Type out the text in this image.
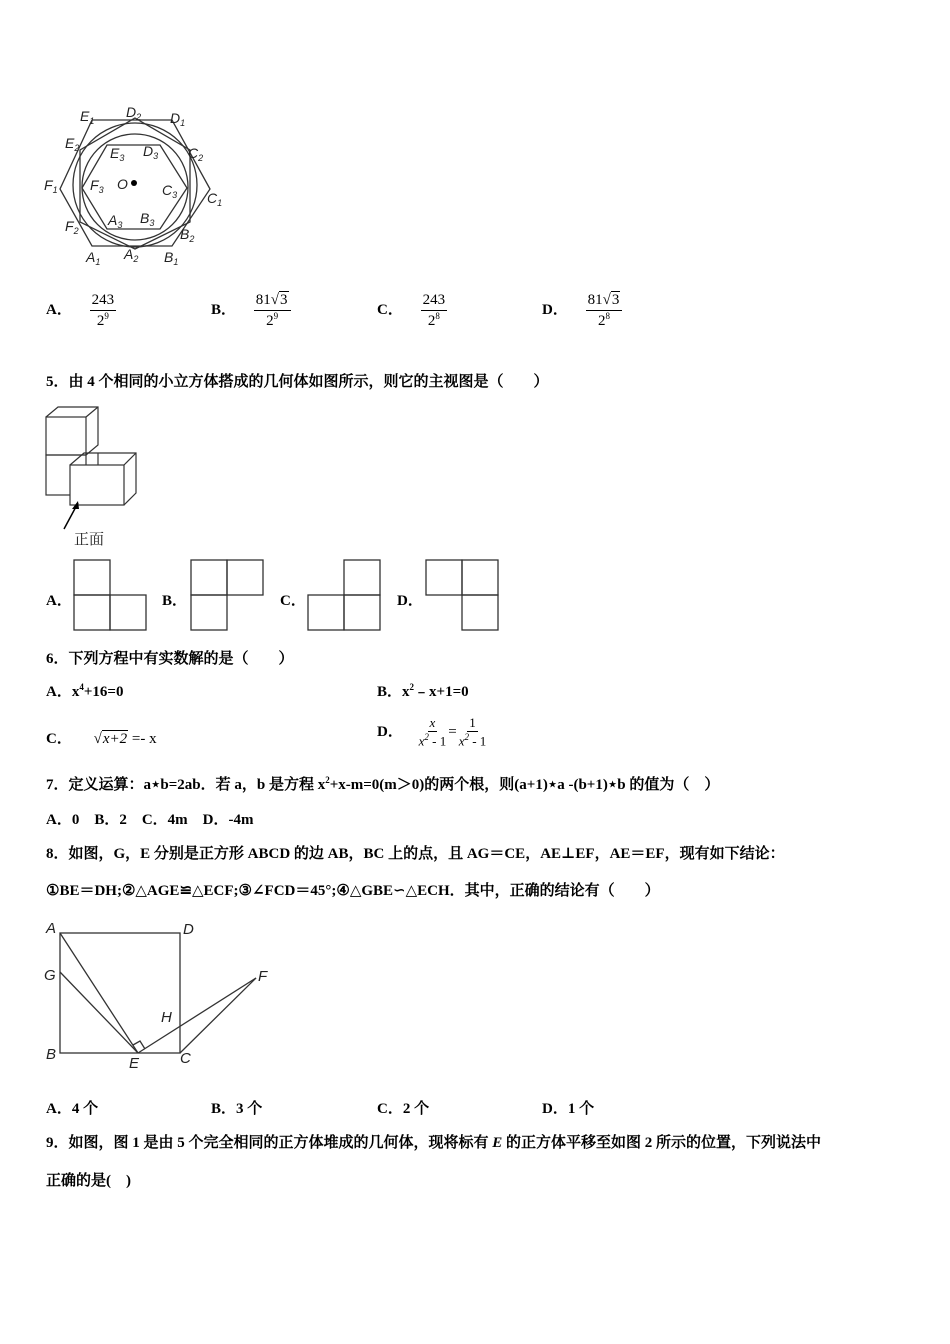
$E_1$
$D_2$ $D_1$
$E_2$ $E_3$ $D_3$ $C_2$
$F_1$ $F_3$ O $C_3$ $C_1$
$F_2$
$A_3$ $B_3$
$B_2$
$A_1$ $A_2$ $B_1$
A． $\frac{243}{2^9}$	B． $\frac{81√3}{2^9}$	C． $\frac{243}{2^8}$	D． $\frac{81√3}{2^8}$
5．由 4 个相同的小立方体搭成的几何体如图所示，则它的主视图是（　　）
正面
A．	B．	C．	D．
6．下列方程中有实数解的是（　　）
A．$x^4+16=0$	B．$x^2﹣x+1=0$
C． √x+2 =- x	D． $\frac{x}{x^2 - 1} = \frac{1}{x^2 - 1}$
7．定义运算：a⋆b=2ab．若 a，b 是方程 $x^2+x-m=0(m>0)$的两个根，则(a+1)⋆a -(b+1)⋆b 的值为（　）
A．0　B．2　C．4m　D．-4m
8．如图，G，E 分别是正方形 ABCD 的边 AB，BC 上的点，且 AG＝CE，AE⊥EF，AE＝EF，现有如下结论：
①BE＝DH;②△AGE≌△ECF;③∠FCD＝45°;④△GBE∽△ECH．其中，正确的结论有（　　）
A	D
G	F
H
B
E	C
A．4 个	B．3 个	C．2 个	D．1 个
9．如图，图 1 是由 5 个完全相同的正方体堆成的几何体，现将标有 E 的正方体平移至如图 2 所示的位置，下列说法中
正确的是(　)
